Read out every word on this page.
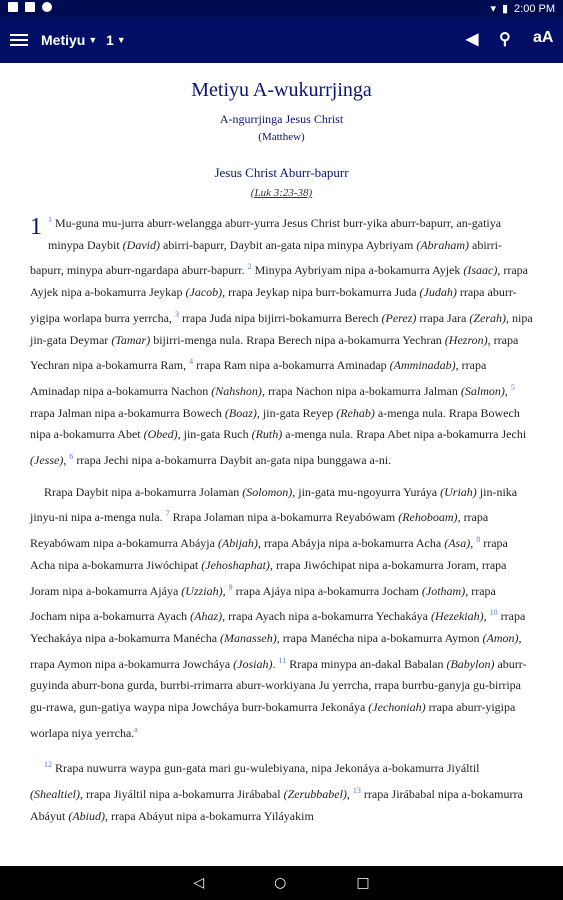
▾ ▮ 2:00 PM
Metiyu ▼ 1 ▼	◀ ⚲ aA
Metiyu A-wukurrjinga
A-ngurrjinga Jesus Christ
(Matthew)
Jesus Christ Aburr-bapurr
(Luk 3:23-38)
1 $^1$ Mu-guna mu-jurra aburr-welangga aburr-yurra Jesus Christ burr-yika aburr-bapurr, an-gatiya minypa Daybit (David) abirri-bapurr, Daybit an-gata nipa minypa Aybriyam (Abraham) abirri-bapurr, minypa aburr-ngardapa aburr-bapurr. $^2$ Minypa Aybriyam nipa a-bokamurra Ayjek (Isaac), rrapa Ayjek nipa a-bokamurra Jeykap (Jacob), rrapa Jeykap nipa burr-bokamurra Juda (Judah) rrapa aburr-yigipa worlapa burra yerrcha, $^3$ rrapa Juda nipa bijirri-bokamurra Berech (Perez) rrapa Jara (Zerah), nipa jin-gata Deymar (Tamar) bijirri-menga nula. Rrapa Berech nipa a-bokamurra Yechran (Hezron), rrapa Yechran nipa a-bokamurra Ram, $^4$ rrapa Ram nipa a-bokamurra Aminadap (Amminadab), rrapa Aminadap nipa a-bokamurra Nachon (Nahshon), rrapa Nachon nipa a-bokamurra Jalman (Salmon), $^5$ rrapa Jalman nipa a-bokamurra Bowech (Boaz), jin-gata Reyep (Rehab) a-menga nula. Rrapa Bowech nipa a-bokamurra Abet (Obed), jin-gata Ruch (Ruth) a-menga nula. Rrapa Abet nipa a-bokamurra Jechi (Jesse), $^6$ rrapa Jechi nipa a-bokamurra Daybit an-gata nipa bunggawa a-ni.
Rrapa Daybit nipa a-bokamurra Jolaman (Solomon), jin-gata mu-ngoyurra Yuráya (Uriah) jin-nika jinyu-ni nipa a-menga nula. $^7$ Rrapa Jolaman nipa a-bokamurra Reyabówam (Rehoboam), rrapa Reyabówam nipa a-bokamurra Abáyja (Abijah), rrapa Abáyja nipa a-bokamurra Acha (Asa), $^8$ rrapa Acha nipa a-bokamurra Jiwóchipat (Jehoshaphat), rrapa Jiwóchipat nipa a-bokamurra Joram, rrapa Joram nipa a-bokamurra Ajáya (Uzziah), $^9$ rrapa Ajáya nipa a-bokamurra Jocham (Jotham), rrapa Jocham nipa a-bokamurra Ayach (Ahaz), rrapa Ayach nipa a-bokamurra Yechakáya (Hezekiah), $^{10}$ rrapa Yechakáya nipa a-bokamurra Manécha (Manasseh), rrapa Manécha nipa a-bokamurra Aymon (Amon), rrapa Aymon nipa a-bokamurra Jowcháya (Josiah). $^{11}$ Rrapa minypa an-dakal Babalan (Babylon) aburr-guyinda aburr-bona gurda, burrbi-rrimarra aburr-workiyana Ju yerrcha, rrapa burrbu-ganyja gu-birripa gu-rrawa, gun-gatiya waypa nipa Jowcháya burr-bokamurra Jekonáya (Jechoniah) rrapa aburr-yigipa worlapa niya yerrcha.$^a$
$^{12}$ Rrapa nuwurra waypa gun-gata mari gu-wulebiyana, nipa Jekonáya a-bokamurra Jiyáltil (Shealtiel), rrapa Jiyáltil nipa a-bokamurra Jirábabal (Zerubbabel), $^{13}$ rrapa Jirábabal nipa a-bokamurra Abáyut (Abiud), rrapa Abáyut nipa a-bokamurra Yiláyakim
◁	○	□
